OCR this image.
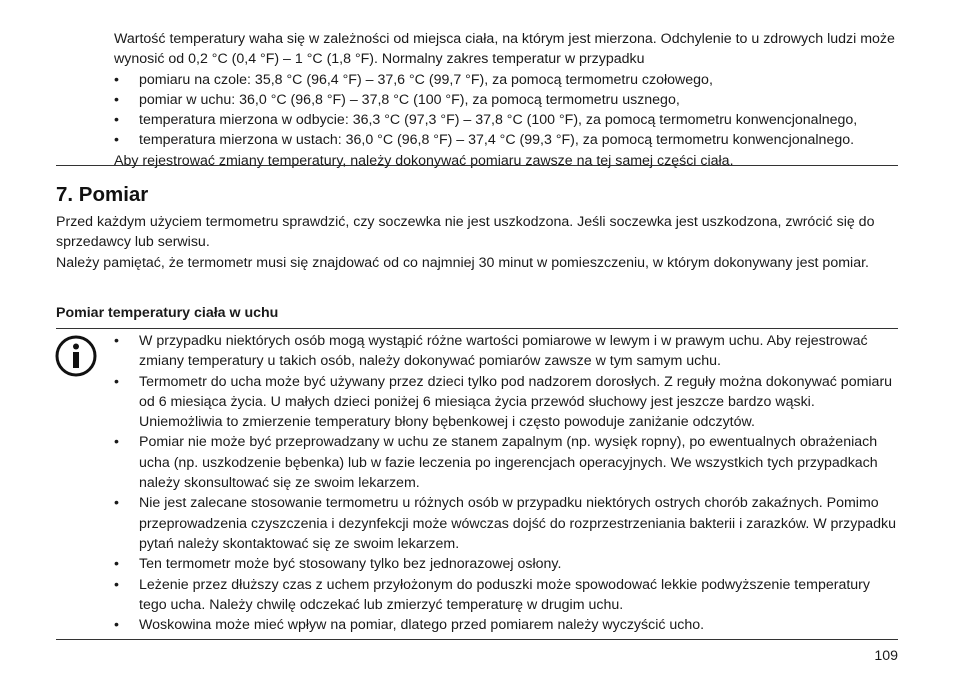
Wartość temperatury waha się w zależności od miejsca ciała, na którym jest mierzona. Odchylenie to u zdrowych ludzi może wynosić od 0,2 °C (0,4 °F) – 1 °C (1,8 °F). Normalny zakres temperatur w przypadku

• pomiaru na czole: 35,8 °C (96,4 °F) – 37,6 °C (99,7 °F), za pomocą termometru czołowego,
• pomiar w uchu: 36,0 °C (96,8 °F) – 37,8 °C (100 °F), za pomocą termometru usznego,
• temperatura mierzona w odbycie: 36,3 °C (97,3 °F) – 37,8 °C (100 °F), za pomocą termometru konwencjonalnego,
• temperatura mierzona w ustach: 36,0 °C (96,8 °F) – 37,4 °C (99,3 °F), za pomocą termometru konwencjonalnego.

Aby rejestrować zmiany temperatury, należy dokonywać pomiaru zawsze na tej samej części ciała.

7. Pomiar

Przed każdym użyciem termometru sprawdzić, czy soczewka nie jest uszkodzona. Jeśli soczewka jest uszkodzona, zwrócić się do sprzedawcy lub serwisu.

Należy pamiętać, że termometr musi się znajdować od co najmniej 30 minut w pomieszczeniu, w którym dokonywany jest pomiar.

Pomiar temperatury ciała w uchu
• W przypadku niektórych osób mogą wystąpić różne wartości pomiarowe w lewym i w prawym uchu. Aby rejestrować zmiany temperatury u takich osób, należy dokonywać pomiarów zawsze w tym samym uchu.
• Termometr do ucha może być używany przez dzieci tylko pod nadzorem dorosłych. Z reguły można dokonywać pomiaru od 6 miesiąca życia. U małych dzieci poniżej 6 miesiąca życia przewód słuchowy jest jeszcze bardzo wąski. Uniemożliwia to zmierzenie temperatury błony bębenkowej i często powoduje zaniżanie odczytów.
• Pomiar nie może być przeprowadzany w uchu ze stanem zapalnym (np. wysięk ropny), po ewentualnych obrażeniach ucha (np. uszkodzenie bębenka) lub w fazie leczenia po ingerencjach operacyjnych. We wszystkich tych przypadkach należy skonsultować się ze swoim lekarzem.
• Nie jest zalecane stosowanie termometru u różnych osób w przypadku niektórych ostrych chorób zakaźnych. Pomimo przeprowadzenia czyszczenia i dezynfekcji może wówczas dojść do rozprzestrzeniania bakterii i zarazków. W przypadku pytań należy skontaktować się ze swoim lekarzem.
• Ten termometr może być stosowany tylko bez jednorazowej osłony.
• Leżenie przez dłuższy czas z uchem przyłożonym do poduszki może spowodować lekkie podwyższenie temperatury tego ucha. Należy chwilę odczekać lub zmierzyć temperaturę w drugim uchu.
• Woskowina może mieć wpływ na pomiar, dlatego przed pomiarem należy wyczyścić ucho.

109
